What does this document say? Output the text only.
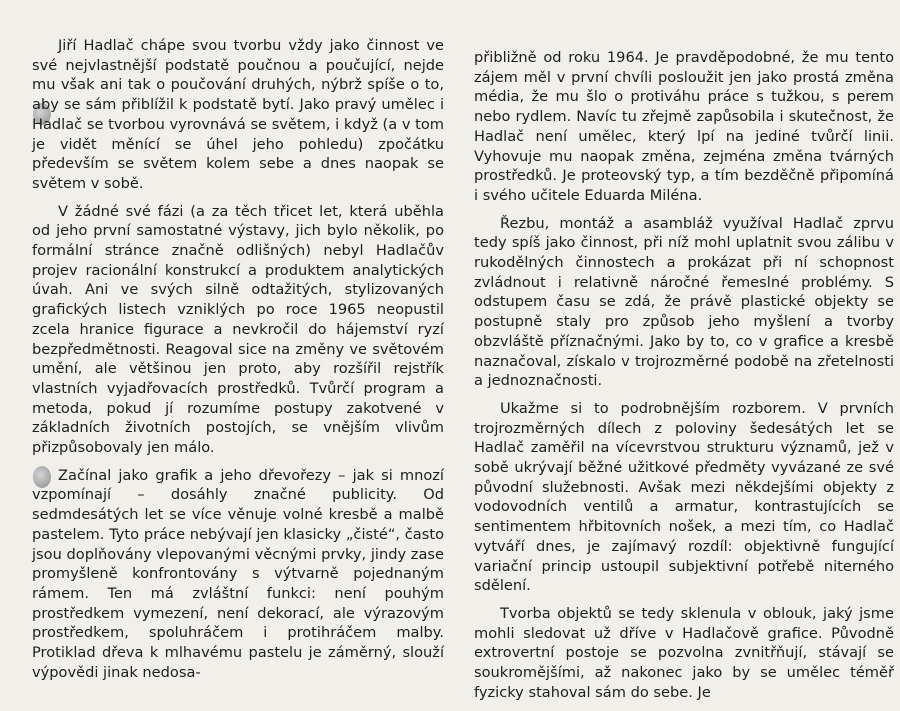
Jiří Hadlač chápe svou tvorbu vždy jako činnost ve své nejvlastnější podstatě poučnou a poučující, nejde mu však ani tak o poučování druhých, nýbrž spíše o to, aby se sám přiblížil k podstatě bytí. Jako pravý umělec i Hadlač se tvorbou vyrovnává se světem, i když (a v tom je vidět měnící se úhel jeho pohledu) zpočátku především se světem kolem sebe a dnes naopak se světem v sobě.

V žádné své fázi (a za těch třicet let, která uběhla od jeho první samostatné výstavy, jich bylo několik, po formální stránce značně odlišných) nebyl Hadlačův projev racionální konstrukcí a produktem analytických úvah. Ani ve svých silně odtažitých, stylizovaných grafických listech vzniklých po roce 1965 neopustil zcela hranice figurace a nevkročil do hájemství ryzí bezpředmětnosti. Reagoval sice na změny ve světovém umění, ale většinou jen proto, aby rozšířil rejstřík vlastních vyjadřovacích prostředků. Tvůrčí program a metoda, pokud jí rozumíme postupy zakotvené v základních životních postojích, se vnějším vlivům přizpůsobovaly jen málo.

Začínal jako grafik a jeho dřevořezy – jak si mnozí vzpomínají – dosáhly značné publicity. Od sedmdesátých let se více věnuje volné kresbě a malbě pastelem. Tyto práce nebývají jen klasicky „čisté“, často jsou doplňovány vlepovanými věcnými prvky, jindy zase promyšleně konfrontovány s výtvarně pojednaným rámem. Ten má zvláštní funkci: není pouhým prostředkem vymezení, není dekorací, ale výrazovým prostředkem, spoluhráčem i protihráčem malby. Protiklad dřeva k mlhavému pastelu je záměrný, slouží výpovědi jinak nedosa-

přibližně od roku 1964. Je pravděpodobné, že mu tento zájem měl v první chvíli posloužit jen jako prostá změna média, že mu šlo o protiváhu práce s tužkou, s perem nebo rydlem. Navíc tu zřejmě zapůsobila i skutečnost, že Hadlač není umělec, který lpí na jediné tvůrčí linii. Vyhovuje mu naopak změna, zejména změna tvárných prostředků. Je proteovský typ, a tím bezděčně připomíná i svého učitele Eduarda Miléna.

Řezbu, montáž a asambláž využíval Hadlač zprvu tedy spíš jako činnost, při níž mohl uplatnit svou zálibu v rukodělných činnostech a prokázat při ní schopnost zvládnout i relativně náročné řemeslné problémy. S odstupem času se zdá, že právě plastické objekty se postupně staly pro způsob jeho myšlení a tvorby obzvláště příznačnými. Jako by to, co v grafice a kresbě naznačoval, získalo v trojrozměrné podobě na zřetelnosti a jednoznačnosti.

Ukažme si to podrobnějším rozborem. V prvních trojrozměrných dílech z poloviny šedesátých let se Hadlač zaměřil na vícevrstvou strukturu významů, jež v sobě ukrývají běžné užitkové předměty vyvázané ze své původní služebnosti. Avšak mezi někdejšími objekty z vodovodních ventilů a armatur, kontrastujících se sentimentem hřbitovních nošek, a mezi tím, co Hadlač vytváří dnes, je zajímavý rozdíl: objektivně fungující variační princip ustoupil subjektivní potřebě niterného sdělení.

Tvorba objektů se tedy sklenula v oblouk, jaký jsme mohli sledovat už dříve v Hadlačově grafice. Původně extrovertní postoje se pozvolna zvnitřňují, stávají se soukromějšími, až nakonec jako by se umělec téměř fyzicky stahoval sám do sebe. Je
